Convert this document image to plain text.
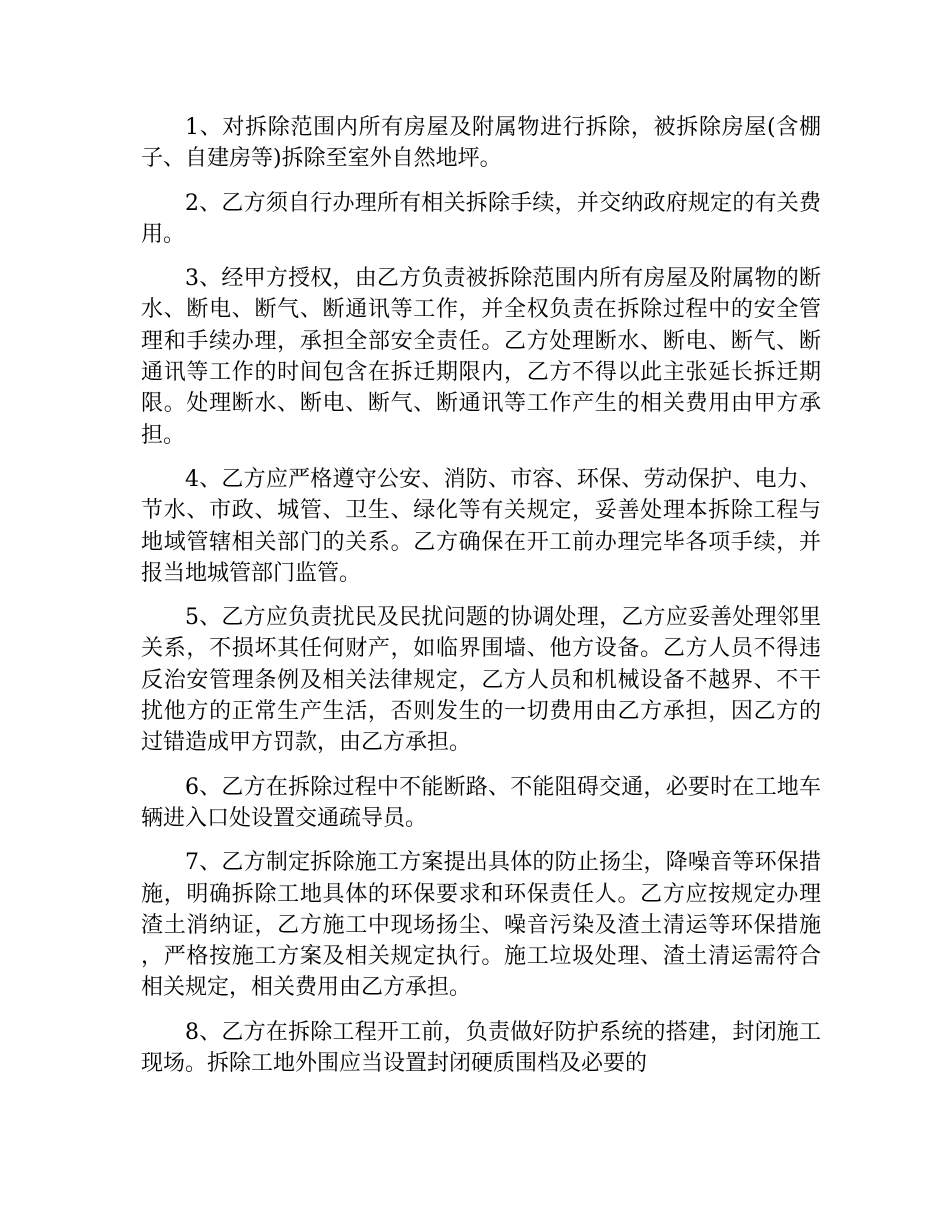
1、对拆除范围内所有房屋及附属物进行拆除，被拆除房屋(含棚子、自建房等)拆除至室外自然地坪。

2、乙方须自行办理所有相关拆除手续，并交纳政府规定的有关费用。

3、经甲方授权，由乙方负责被拆除范围内所有房屋及附属物的断水、断电、断气、断通讯等工作，并全权负责在拆除过程中的安全管理和手续办理，承担全部安全责任。乙方处理断水、断电、断气、断通讯等工作的时间包含在拆迁期限内，乙方不得以此主张延长拆迁期限。处理断水、断电、断气、断通讯等工作产生的相关费用由甲方承担。

4、乙方应严格遵守公安、消防、市容、环保、劳动保护、电力、节水、市政、城管、卫生、绿化等有关规定，妥善处理本拆除工程与地域管辖相关部门的关系。乙方确保在开工前办理完毕各项手续，并报当地城管部门监管。

5、乙方应负责扰民及民扰问题的协调处理，乙方应妥善处理邻里关系，不损坏其任何财产，如临界围墙、他方设备。乙方人员不得违反治安管理条例及相关法律规定，乙方人员和机械设备不越界、不干扰他方的正常生产生活，否则发生的一切费用由乙方承担，因乙方的过错造成甲方罚款，由乙方承担。

6、乙方在拆除过程中不能断路、不能阻碍交通，必要时在工地车辆进入口处设置交通疏导员。

7、乙方制定拆除施工方案提出具体的防止扬尘，降噪音等环保措施，明确拆除工地具体的环保要求和环保责任人。乙方应按规定办理渣土消纳证，乙方施工中现场扬尘、噪音污染及渣土清运等环保措施，严格按施工方案及相关规定执行。施工垃圾处理、渣土清运需符合相关规定，相关费用由乙方承担。

8、乙方在拆除工程开工前，负责做好防护系统的搭建，封闭施工现场。拆除工地外围应当设置封闭硬质围档及必要的
